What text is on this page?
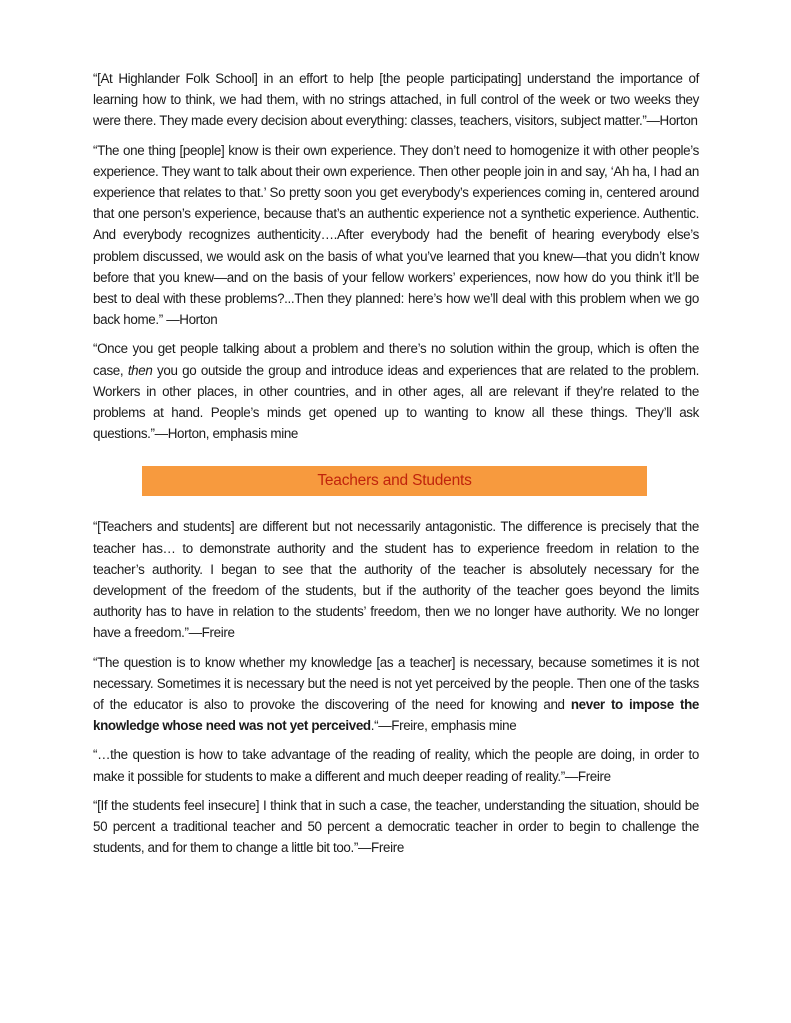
“[At Highlander Folk School] in an effort to help [the people participating] understand the importance of learning how to think, we had them, with no strings attached, in full control of the week or two weeks they were there. They made every decision about everything: classes, teachers, visitors, subject matter.”—Horton

“The one thing [people] know is their own experience. They don’t need to homogenize it with other people’s experience. They want to talk about their own experience. Then other people join in and say, ‘Ah ha, I had an experience that relates to that.’ So pretty soon you get everybody’s experiences coming in, centered around that one person’s experience, because that’s an authentic experience not a synthetic experience. Authentic. And everybody recognizes authenticity….After everybody had the benefit of hearing everybody else’s problem discussed, we would ask on the basis of what you’ve learned that you knew—that you didn’t know before that you knew—and on the basis of your fellow workers’ experiences, now how do you think it’ll be best to deal with these problems?...Then they planned: here’s how we’ll deal with this problem when we go back home.” —Horton

“Once you get people talking about a problem and there’s no solution within the group, which is often the case, then you go outside the group and introduce ideas and experiences that are related to the problem. Workers in other places, in other countries, and in other ages, all are relevant if they’re related to the problems at hand. People’s minds get opened up to wanting to know all these things. They’ll ask questions.”—Horton, emphasis mine

Teachers and Students

“[Teachers and students] are different but not necessarily antagonistic. The difference is precisely that the teacher has… to demonstrate authority and the student has to experience freedom in relation to the teacher’s authority. I began to see that the authority of the teacher is absolutely necessary for the development of the freedom of the students, but if the authority of the teacher goes beyond the limits authority has to have in relation to the students’ freedom, then we no longer have authority. We no longer have a freedom.”—Freire

“The question is to know whether my knowledge [as a teacher] is necessary, because sometimes it is not necessary. Sometimes it is necessary but the need is not yet perceived by the people. Then one of the tasks of the educator is also to provoke the discovering of the need for knowing and never to impose the knowledge whose need was not yet perceived.“—Freire, emphasis mine

“…the question is how to take advantage of the reading of reality, which the people are doing, in order to make it possible for students to make a different and much deeper reading of reality.”—Freire

“[If the students feel insecure] I think that in such a case, the teacher, understanding the situation, should be 50 percent a traditional teacher and 50 percent a democratic teacher in order to begin to challenge the students, and for them to change a little bit too.”—Freire
